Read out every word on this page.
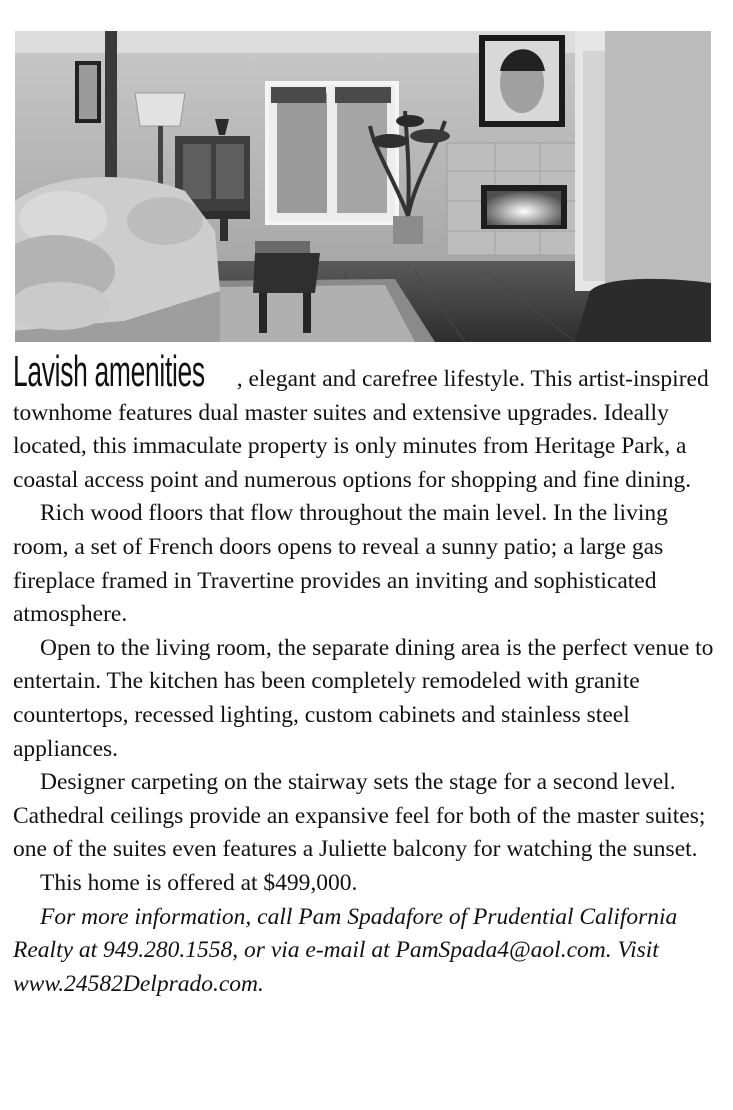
Lavish amenities , elegant and carefree lifestyle. This artist-inspired townhome features dual master suites and extensive upgrades. Ideally located, this immaculate property is only minutes from Heritage Park, a coastal access point and numerous options for shopping and fine dining.

Rich wood floors that flow throughout the main level. In the living room, a set of French doors opens to reveal a sunny patio; a large gas fireplace framed in Travertine provides an inviting and sophisticated atmosphere.

Open to the living room, the separate dining area is the perfect venue to entertain. The kitchen has been completely remodeled with granite countertops, recessed lighting, custom cabinets and stainless steel appliances.

Designer carpeting on the stairway sets the stage for a second level. Cathedral ceilings provide an expansive feel for both of the master suites; one of the suites even features a Juliette balcony for watching the sunset.

This home is offered at $499,000.

For more information, call Pam Spadafore of Prudential California Realty at 949.280.1558, or via e-mail at PamSpada4@aol.com. Visit www.24582Delprado.com.
